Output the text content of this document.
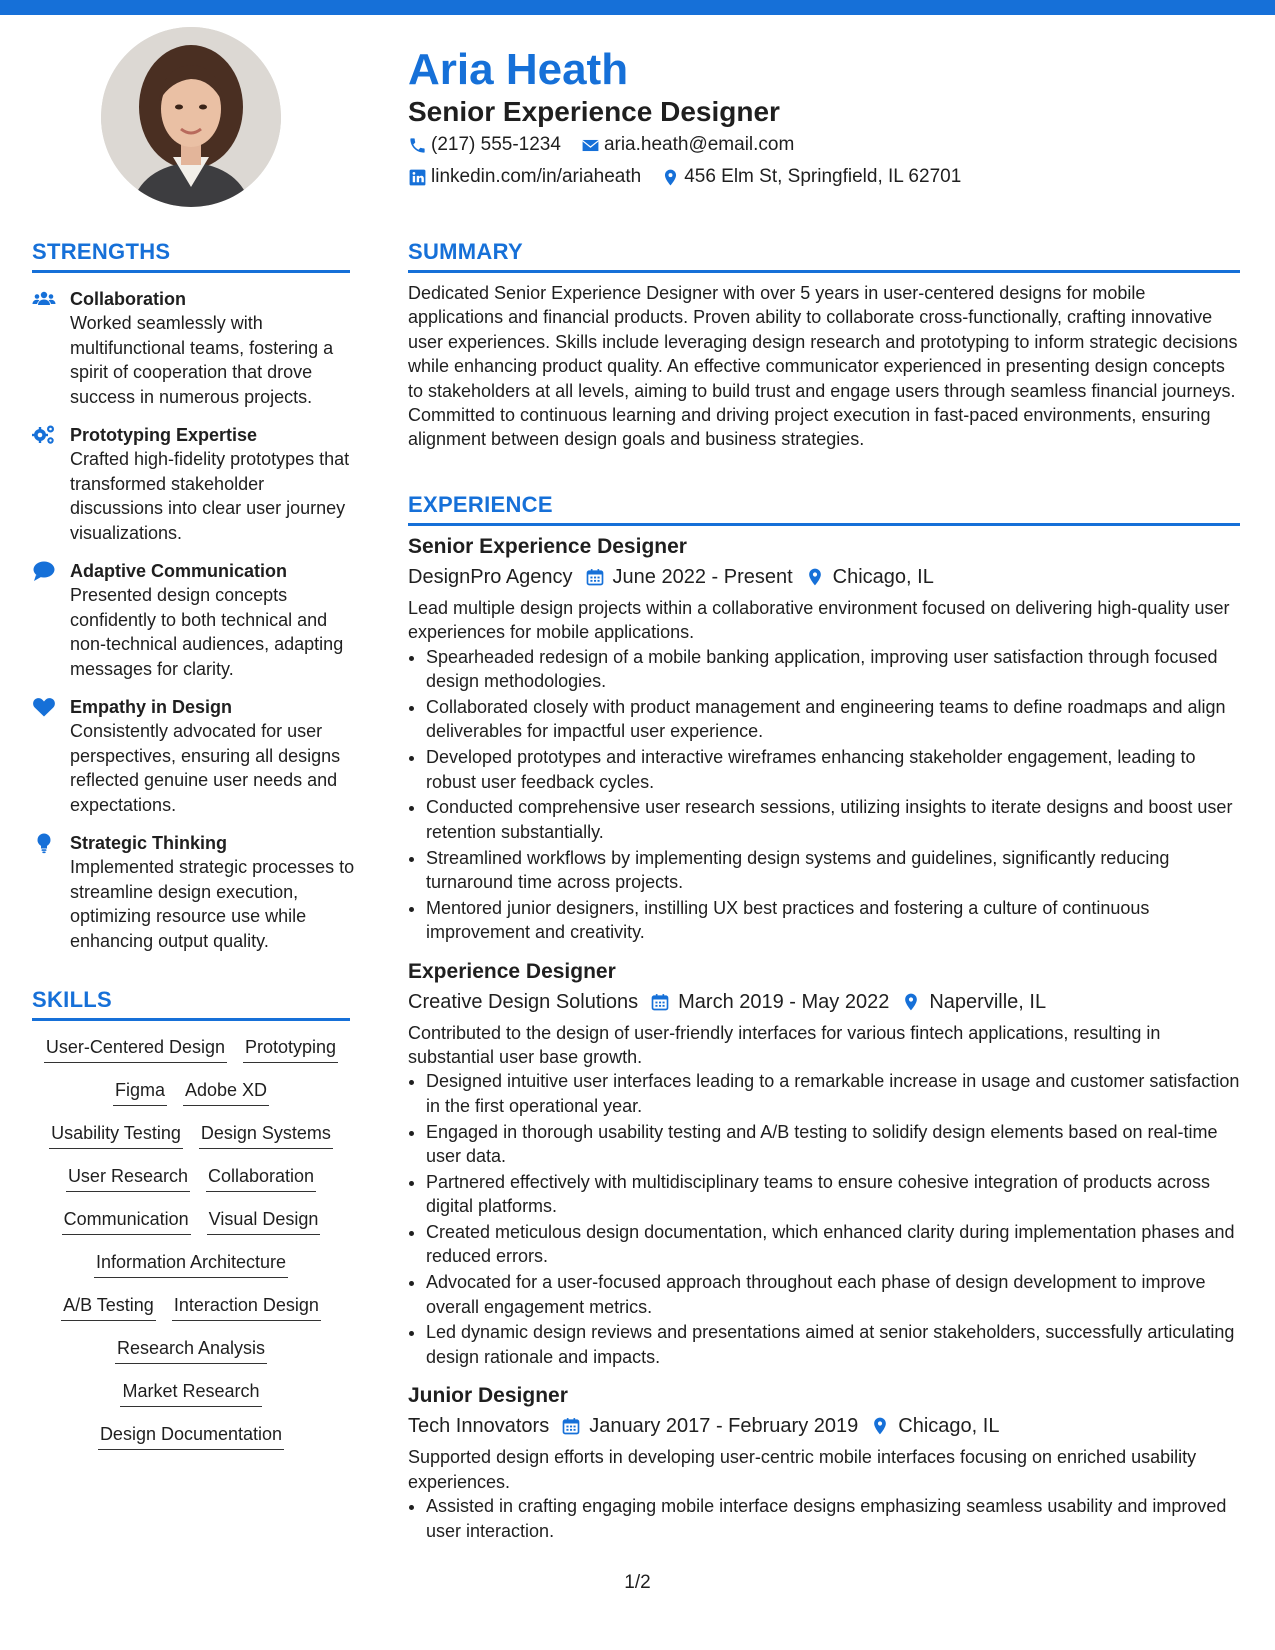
Aria Heath
Senior Experience Designer
(217) 555-1234 aria.heath@email.com
linkedin.com/in/ariaheath 456 Elm St, Springfield, IL 62701
STRENGTHS
Collaboration

Worked seamlessly with multifunctional teams, fostering a spirit of cooperation that drove success in numerous projects.

Prototyping Expertise

Crafted high-fidelity prototypes that transformed stakeholder discussions into clear user journey visualizations.

Adaptive Communication

Presented design concepts confidently to both technical and non-technical audiences, adapting messages for clarity.

Empathy in Design

Consistently advocated for user perspectives, ensuring all designs reflected genuine user needs and expectations.

Strategic Thinking

Implemented strategic processes to streamline design execution, optimizing resource use while enhancing output quality.

SKILLS
User-Centered Design Prototyping
Figma Adobe XD
Usability Testing Design Systems
User Research Collaboration
Communication Visual Design
Information Architecture
A/B Testing Interaction Design
Research Analysis
Market Research
Design Documentation
SUMMARY

Dedicated Senior Experience Designer with over 5 years in user-centered designs for mobile applications and financial products. Proven ability to collaborate cross-functionally, crafting innovative user experiences. Skills include leveraging design research and prototyping to inform strategic decisions while enhancing product quality. An effective communicator experienced in presenting design concepts to stakeholders at all levels, aiming to build trust and engage users through seamless financial journeys. Committed to continuous learning and driving project execution in fast-paced environments, ensuring alignment between design goals and business strategies.

EXPERIENCE
Senior Experience Designer
DesignPro Agency June 2022 - Present Chicago, IL

Lead multiple design projects within a collaborative environment focused on delivering high-quality user experiences for mobile applications.

• Spearheaded redesign of a mobile banking application, improving user satisfaction through focused design methodologies.
• Collaborated closely with product management and engineering teams to define roadmaps and align deliverables for impactful user experience.
• Developed prototypes and interactive wireframes enhancing stakeholder engagement, leading to robust user feedback cycles.
• Conducted comprehensive user research sessions, utilizing insights to iterate designs and boost user retention substantially.
• Streamlined workflows by implementing design systems and guidelines, significantly reducing turnaround time across projects.
• Mentored junior designers, instilling UX best practices and fostering a culture of continuous improvement and creativity.
Experience Designer
Creative Design Solutions March 2019 - May 2022 Naperville, IL

Contributed to the design of user-friendly interfaces for various fintech applications, resulting in substantial user base growth.

• Designed intuitive user interfaces leading to a remarkable increase in usage and customer satisfaction in the first operational year.
• Engaged in thorough usability testing and A/B testing to solidify design elements based on real-time user data.
• Partnered effectively with multidisciplinary teams to ensure cohesive integration of products across digital platforms.
• Created meticulous design documentation, which enhanced clarity during implementation phases and reduced errors.
• Advocated for a user-focused approach throughout each phase of design development to improve overall engagement metrics.
• Led dynamic design reviews and presentations aimed at senior stakeholders, successfully articulating design rationale and impacts.
Junior Designer
Tech Innovators January 2017 - February 2019 Chicago, IL

Supported design efforts in developing user-centric mobile interfaces focusing on enriched usability experiences.

• Assisted in crafting engaging mobile interface designs emphasizing seamless usability and improved user interaction.
1/2
